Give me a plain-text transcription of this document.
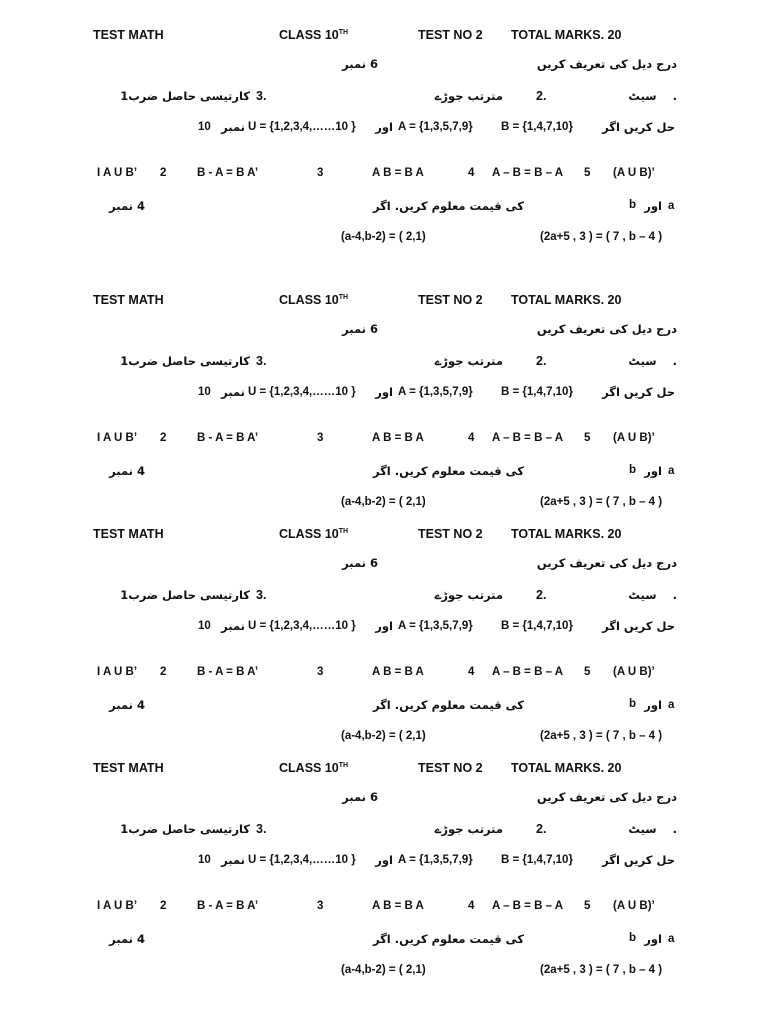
TEST MATH	CLASS 10TH	TEST NO 2 TOTAL MARKS. 20
درج دیل کی تعریف کریں
6 نمبر
.    سیٹ
2.
مترتب جوڑے
3.
کارتیسی حاصل ضرب1
حل کریں اگر
B = {1,4,7,10}
A = {1,3,5,7,9}
اور
U = {1,2,3,4,……10 }
نمبر
10
I A U B’ 2	B - A = B A’	3	A B = B A	4 A – B = B – A 5 (A U B)’
a
اور
b
کی قیمت معلوم کریں. اگر
4 نمبر
(2a+5 , 3 ) = ( 7 , b – 4 )
(a-4,b-2) = ( 2,1)
TEST MATH	CLASS 10TH	TEST NO 2 TOTAL MARKS. 20
درج دیل کی تعریف کریں
6 نمبر
.    سیٹ
2.
مترتب جوڑے
3.
کارتیسی حاصل ضرب1
حل کریں اگر
B = {1,4,7,10}
A = {1,3,5,7,9}
اور
U = {1,2,3,4,……10 }
نمبر
10
I A U B’ 2	B - A = B A’	3	A B = B A	4 A – B = B – A 5 (A U B)’
a
اور
b
کی قیمت معلوم کریں. اگر
4 نمبر
(2a+5 , 3 ) = ( 7 , b – 4 )
(a-4,b-2) = ( 2,1)
TEST MATH	CLASS 10TH	TEST NO 2 TOTAL MARKS. 20
درج دیل کی تعریف کریں
6 نمبر
.    سیٹ
2.
مترتب جوڑے
3.
کارتیسی حاصل ضرب1
حل کریں اگر
B = {1,4,7,10}
A = {1,3,5,7,9}
اور
U = {1,2,3,4,……10 }
نمبر
10
I A U B’ 2	B - A = B A’	3	A B = B A	4 A – B = B – A 5 (A U B)’
a
اور
b
کی قیمت معلوم کریں. اگر
4 نمبر
(2a+5 , 3 ) = ( 7 , b – 4 )
(a-4,b-2) = ( 2,1)
TEST MATH	CLASS 10TH	TEST NO 2 TOTAL MARKS. 20
درج دیل کی تعریف کریں
6 نمبر
.    سیٹ
2.
مترتب جوڑے
3.
کارتیسی حاصل ضرب1
حل کریں اگر
B = {1,4,7,10}
A = {1,3,5,7,9}
اور
U = {1,2,3,4,……10 }
نمبر
10
I A U B’ 2	B - A = B A’	3	A B = B A	4 A – B = B – A 5 (A U B)’
a
اور
b
کی قیمت معلوم کریں. اگر
4 نمبر
(2a+5 , 3 ) = ( 7 , b – 4 )
(a-4,b-2) = ( 2,1)
